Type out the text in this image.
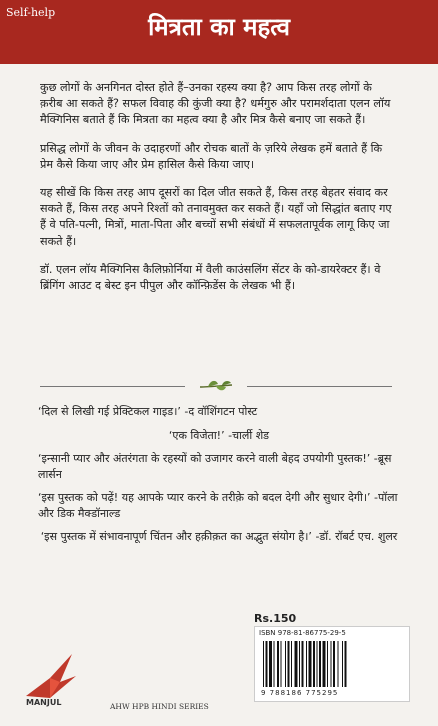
Self-help
मित्रता का महत्व

कुछ लोगों के अनगिनत दोस्त होते हैं–उनका रहस्य क्या है? आप किस तरह लोगों के क़रीब आ सकते हैं? सफल विवाह की कुंजी क्या है? धर्मगुरु और परामर्शदाता एलन लॉय मैक्गिनिस बताते हैं कि मित्रता का महत्व क्या है और मित्र कैसे बनाए जा सकते हैं।

प्रसिद्ध लोगों के जीवन के उदाहरणों और रोचक बातों के ज़रिये लेखक हमें बताते हैं कि प्रेम कैसे किया जाए और प्रेम हासिल कैसे किया जाए।

यह सीखें कि किस तरह आप दूसरों का दिल जीत सकते हैं, किस तरह बेहतर संवाद कर सकते हैं, किस तरह अपने रिश्तों को तनावमुक्त कर सकते हैं। यहाँ जो सिद्धांत बताए गए हैं वे पति-पत्नी, मित्रों, माता-पिता और बच्चों सभी संबंधों में सफलतापूर्वक लागू किए जा सकते हैं।

डॉ. एलन लॉय मैक्गिनिस कैलिफ़ोर्निया में वैली काउंसलिंग सेंटर के को-डायरेक्टर हैं। वे ब्रिंगिंग आउट द बेस्ट इन पीपुल और कॉन्फ़िडेंस के लेखक भी हैं।

‘दिल से लिखी गई प्रेक्टिकल गाइड।’ -द वॉशिंगटन पोस्ट
‘एक विजेता!’ -चार्ली शेड
‘इन्सानी प्यार और अंतरंगता के रहस्यों को उजागर करने वाली बेहद उपयोगी पुस्तक!’ -ब्रूस लार्सन
‘इस पुस्तक को पढ़ें! यह आपके प्यार करने के तरीक़े को बदल देगी और सुधार देगी।’ -पॉला और डिक मैक्डॉनाल्ड
‘इस पुस्तक में संभावनापूर्ण चिंतन और हक़ीक़त का अद्भुत संयोग है।’ -डॉ. रॉबर्ट एच. शुलर
Rs.150
ISBN 978-81-86775-29-5
9 788186 775295
MANJUL	AHW HPB HINDI SERIES
